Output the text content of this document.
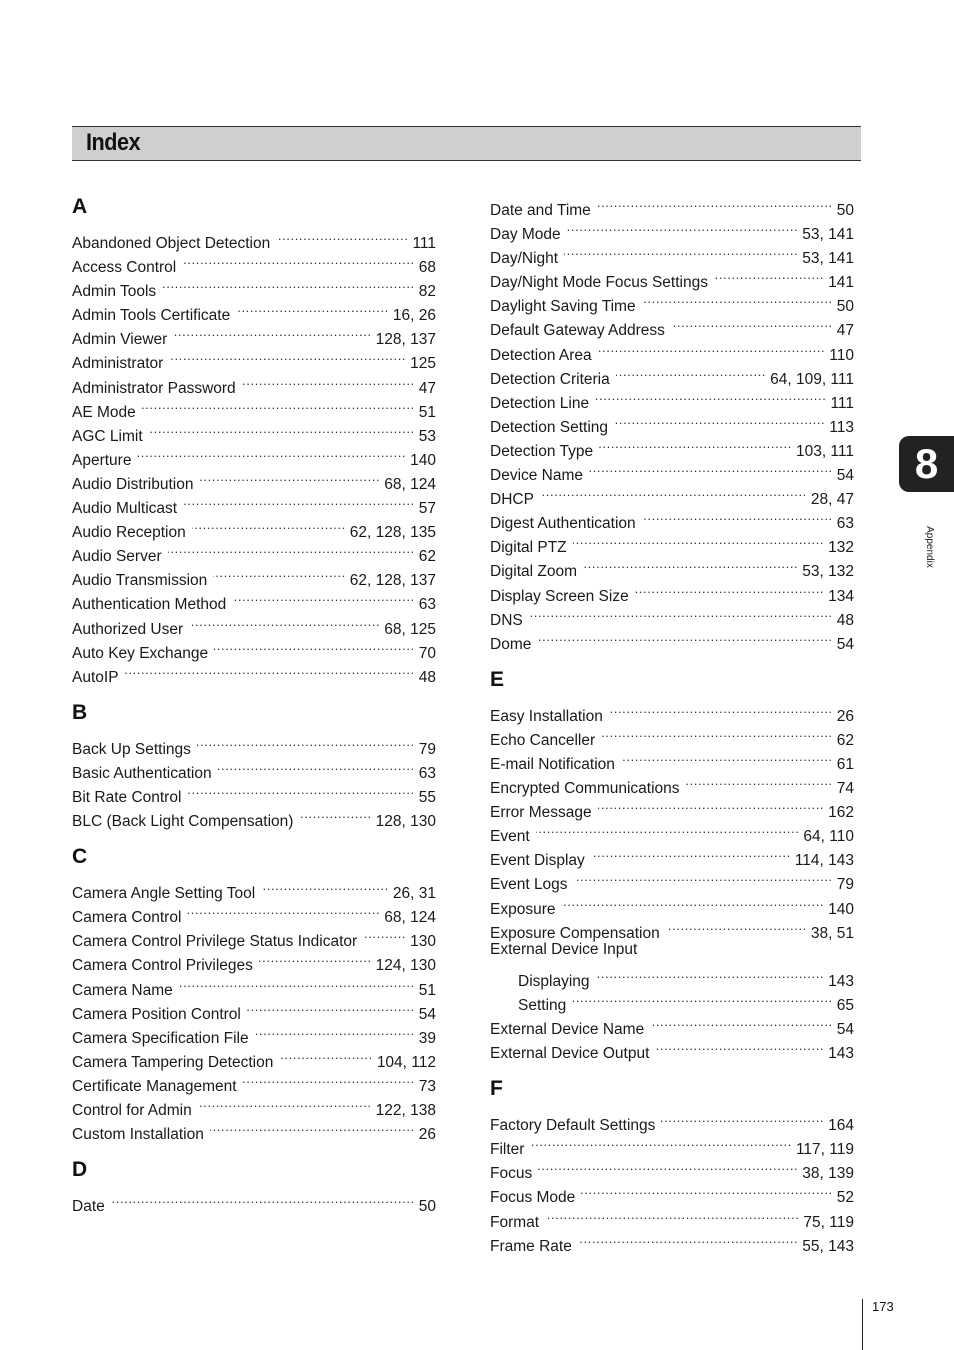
Index
A
Abandoned Object Detection .....	111
Access Control .....	68
Admin Tools .....	82
Admin Tools Certificate .....	16, 26
Admin Viewer .....	128, 137
Administrator .....	125
Administrator Password .....	47
AE Mode .....	51
AGC Limit .....	53
Aperture .....	140
Audio Distribution .....	68, 124
Audio Multicast .....	57
Audio Reception .....	62, 128, 135
Audio Server .....	62
Audio Transmission .....	62, 128, 137
Authentication Method .....	63
Authorized User .....	68, 125
Auto Key Exchange .....	70
AutoIP .....	48
B
Back Up Settings .....	79
Basic Authentication .....	63
Bit Rate Control .....	55
BLC (Back Light Compensation) .....	128, 130
C
Camera Angle Setting Tool .....	26, 31
Camera Control .....	68, 124
Camera Control Privilege Status Indicator .....	130
Camera Control Privileges .....	124, 130
Camera Name .....	51
Camera Position Control .....	54
Camera Specification File .....	39
Camera Tampering Detection .....	104, 112
Certificate Management .....	73
Control for Admin .....	122, 138
Custom Installation .....	26
D
Date .....	50
Date and Time .....	50
Day Mode .....	53, 141
Day/Night .....	53, 141
Day/Night Mode Focus Settings .....	141
Daylight Saving Time .....	50
Default Gateway Address .....	47
Detection Area .....	110
Detection Criteria .....	64, 109, 111
Detection Line .....	111
Detection Setting .....	113
Detection Type .....	103, 111
Device Name .....	54
DHCP .....	28, 47
Digest Authentication .....	63
Digital PTZ .....	132
Digital Zoom .....	53, 132
Display Screen Size .....	134
DNS .....	48
Dome .....	54
E
Easy Installation .....	26
Echo Canceller .....	62
E-mail Notification .....	61
Encrypted Communications .....	74
Error Message .....	162
Event .....	64, 110
Event Display .....	114, 143
Event Logs .....	79
Exposure .....	140
Exposure Compensation .....	38, 51
External Device Input
Displaying .....	143
Setting .....	65
External Device Name .....	54
External Device Output .....	143
F
Factory Default Settings .....	164
Filter .....	117, 119
Focus .....	38, 139
Focus Mode .....	52
Format .....	75, 119
Frame Rate .....	55, 143
8
Appendix
173
